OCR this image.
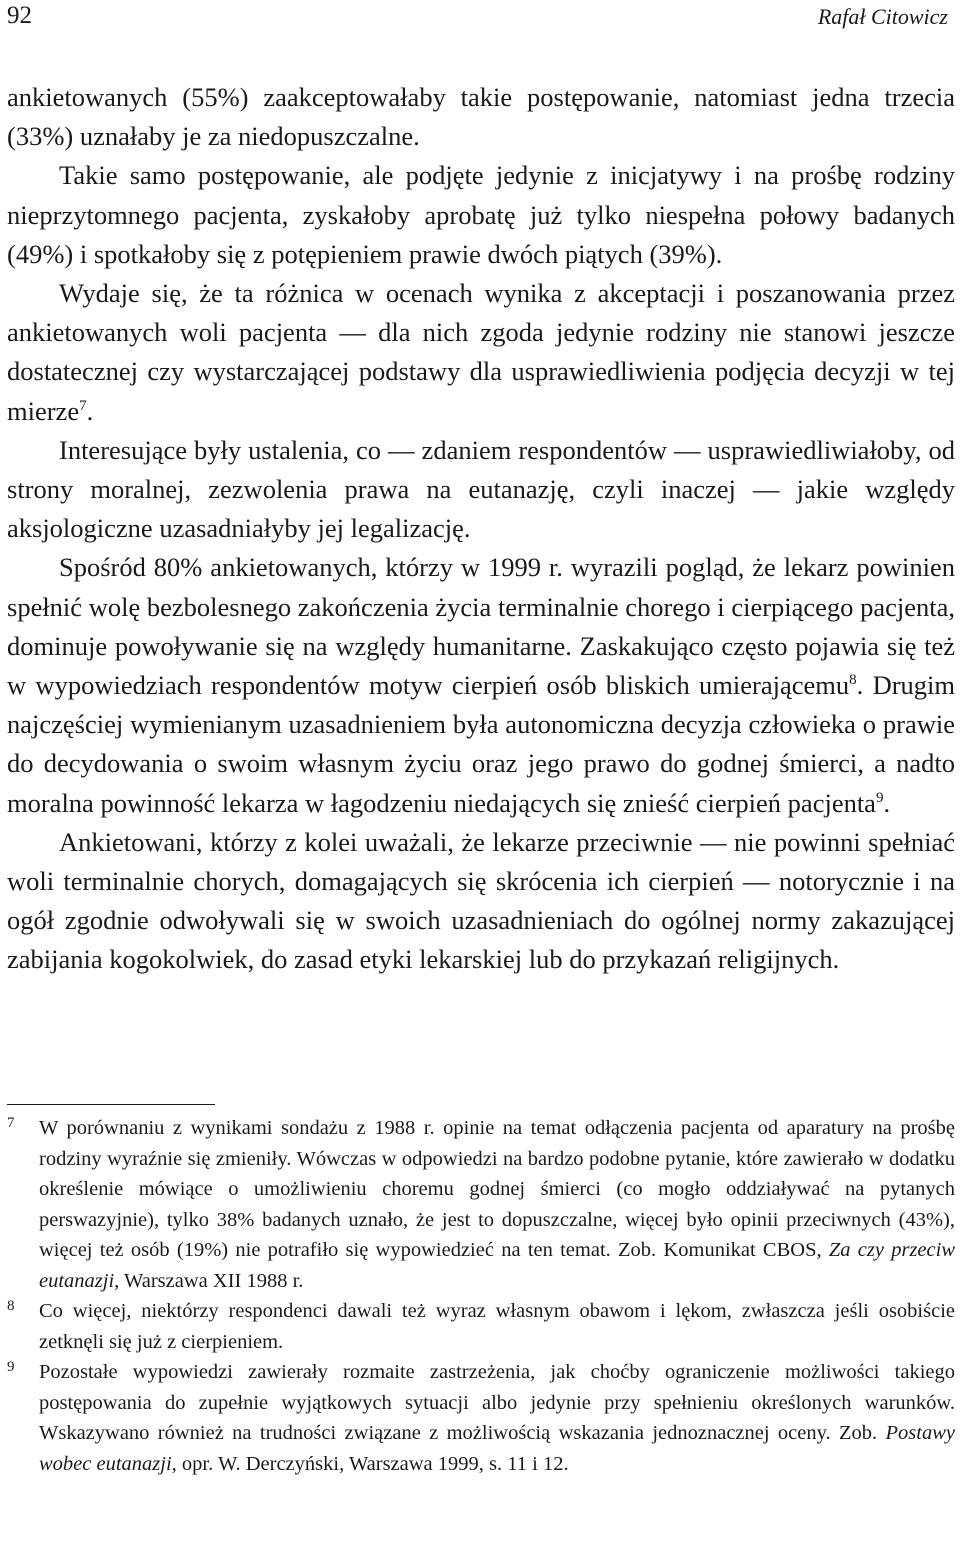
92	Rafał Citowicz

ankietowanych (55%) zaakceptowałaby takie postępowanie, natomiast jedna trzecia (33%) uznałaby je za niedopuszczalne.

Takie samo postępowanie, ale podjęte jedynie z inicjatywy i na prośbę rodziny nieprzytomnego pacjenta, zyskałoby aprobatę już tylko niespełna połowy badanych (49%) i spotkałoby się z potępieniem prawie dwóch piątych (39%).

Wydaje się, że ta różnica w ocenach wynika z akceptacji i poszanowania przez ankietowanych woli pacjenta — dla nich zgoda jedynie rodziny nie stanowi jeszcze dostatecznej czy wystarczającej podstawy dla usprawiedliwienia podjęcia decyzji w tej mierze$^7$.

Interesujące były ustalenia, co — zdaniem respondentów — usprawiedliwiałoby, od strony moralnej, zezwolenia prawa na eutanazję, czyli inaczej — jakie względy aksjologiczne uzasadniałyby jej legalizację.

Spośród 80% ankietowanych, którzy w 1999 r. wyrazili pogląd, że lekarz powinien spełnić wolę bezbolesnego zakończenia życia terminalnie chorego i cierpiącego pacjenta, dominuje powoływanie się na względy humanitarne. Zaskakująco często pojawia się też w wypowiedziach respondentów motyw cierpień osób bliskich umierającemu$^8$. Drugim najczęściej wymienianym uzasadnieniem była autonomiczna decyzja człowieka o prawie do decydowania o swoim własnym życiu oraz jego prawo do godnej śmierci, a nadto moralna powinność lekarza w łagodzeniu niedających się znieść cierpień pacjenta$^9$.

Ankietowani, którzy z kolei uważali, że lekarze przeciwnie — nie powinni spełniać woli terminalnie chorych, domagających się skrócenia ich cierpień — notorycznie i na ogół zgodnie odwoływali się w swoich uzasadnieniach do ogólnej normy zakazującej zabijania kogokolwiek, do zasad etyki lekarskiej lub do przykazań religijnych.

7 W porównaniu z wynikami sondażu z 1988 r. opinie na temat odłączenia pacjenta od aparatury na prośbę rodziny wyraźnie się zmieniły. Wówczas w odpowiedzi na bardzo podobne pytanie, które zawierało w dodatku określenie mówiące o umożliwieniu choremu godnej śmierci (co mogło oddziaływać na pytanych perswazyjnie), tylko 38% badanych uznało, że jest to dopuszczalne, więcej było opinii przeciwnych (43%), więcej też osób (19%) nie potrafiło się wypowiedzieć na ten temat. Zob. Komunikat CBOS, Za czy przeciw eutanazji, Warszawa XII 1988 r.
8 Co więcej, niektórzy respondenci dawali też wyraz własnym obawom i lękom, zwłaszcza jeśli osobiście zetknęli się już z cierpieniem.
9 Pozostałe wypowiedzi zawierały rozmaite zastrzeżenia, jak choćby ograniczenie możliwości takiego postępowania do zupełnie wyjątkowych sytuacji albo jedynie przy spełnieniu określonych warunków. Wskazywano również na trudności związane z możliwością wskazania jednoznacznej oceny. Zob. Postawy wobec eutanazji, opr. W. Derczyński, Warszawa 1999, s. 11 i 12.
